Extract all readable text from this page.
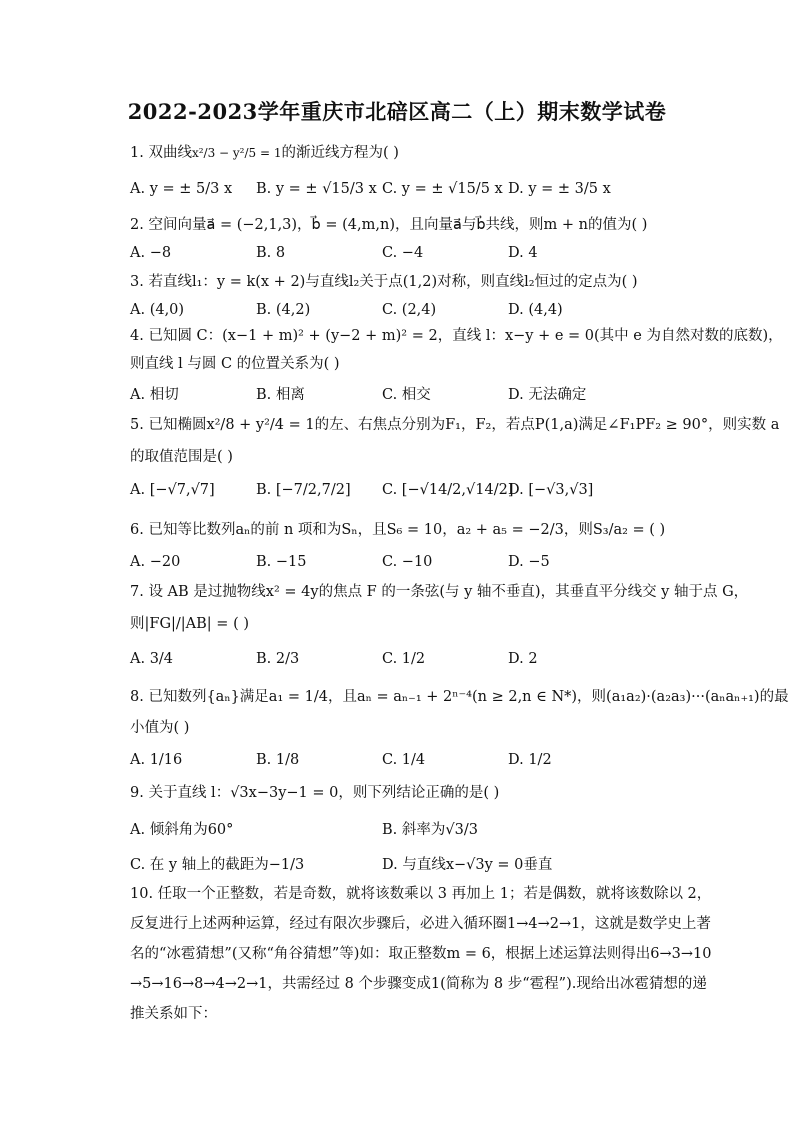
2022-2023学年重庆市北碚区高二（上）期末数学试卷
1. 双曲线x²/3 − y²/5 = 1的渐近线方程为( )
A. y = ± 5/3 x B. y = ± √15/3 x C. y = ± √15/5 x D. y = ± 3/5 x
2. 空间向量a⃗ = (−2,1,3)，b⃗ = (4,m,n)，且向量a⃗与b⃗共线，则m + n的值为( )
A. −8	B. 8	C. −4	D. 4
3. 若直线l₁：y = k(x + 2)与直线l₂关于点(1,2)对称，则直线l₂恒过的定点为( )
A. (4,0)	B. (4,2)	C. (2,4)	D. (4,4)
4. 已知圆 C：(x−1 + m)² + (y−2 + m)² = 2，直线 l：x−y + e = 0(其中 e 为自然对数的底数)，
则直线 l 与圆 C 的位置关系为( )
A. 相切	B. 相离	C. 相交	D. 无法确定
5. 已知椭圆x²/8 + y²/4 = 1的左、右焦点分别为F₁，F₂，若点P(1,a)满足∠F₁PF₂ ≥ 90°，则实数 a
的取值范围是( )
A. [−√7,√7]	B. [−7/2,7/2] C. [−√14/2,√14/2]
D. [−√3,√3]
6. 已知等比数列aₙ的前 n 项和为Sₙ，且S₆ = 10，a₂ + a₅ = −2/3，则S₃/a₂ = ( )
A. −20	B. −15	C. −10	D. −5
7. 设 AB 是过抛物线x² = 4y的焦点 F 的一条弦(与 y 轴不垂直)，其垂直平分线交 y 轴于点 G，
则|FG|/|AB| = ( )
A. 3/4	B. 2/3	C. 1/2	D. 2
8. 已知数列{aₙ}满足a₁ = 1/4，且aₙ = aₙ₋₁ + 2ⁿ⁻⁴(n ≥ 2,n ∈ N*)，则(a₁a₂)·(a₂a₃)···(aₙaₙ₊₁)的最
小值为( )
A. 1/16	B. 1/8	C. 1/4	D. 1/2
9. 关于直线 l：√3x−3y−1 = 0，则下列结论正确的是( )
A. 倾斜角为60°	B. 斜率为√3/3
C. 在 y 轴上的截距为−1/3	D. 与直线x−√3y = 0垂直
10. 任取一个正整数，若是奇数，就将该数乘以 3 再加上 1；若是偶数，就将该数除以 2，
反复进行上述两种运算，经过有限次步骤后，必进入循环圈1→4→2→1，这就是数学史上著
名的“冰雹猜想”(又称“角谷猜想”等)如：取正整数m = 6，根据上述运算法则得出6→3→10
→5→16→8→4→2→1，共需经过 8 个步骤变成1(简称为 8 步“雹程”).现给出冰雹猜想的递
推关系如下：
